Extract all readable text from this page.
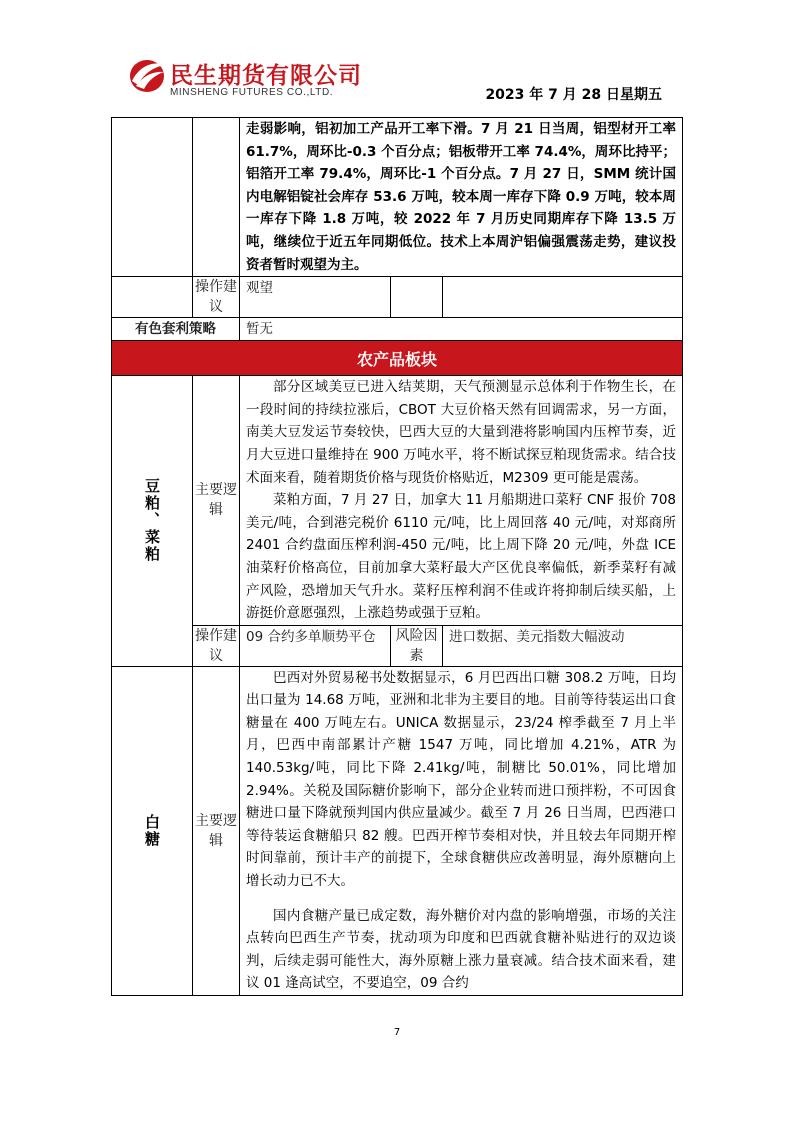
民生期货有限公司
MINSHENG FUTURES CO.,LTD.	2023 年 7 月 28 日星期五

		走弱影响，铝初加工产品开工率下滑。7 月 21 日当周，铝型材开工率 61.7%，周环比-0.3 个百分点；铝板带开工率 74.4%，周环比持平；铝箔开工率 79.4%，周环比-1 个百分点。7 月 27 日，SMM 统计国内电解铝锭社会库存 53.6 万吨，较本周一库存下降 0.9 万吨，较本周一库存下降 1.8 万吨，较 2022 年 7 月历史同期库存下降 13.5 万吨，继续位于近五年同期低位。技术上本周沪铝偏强震荡走势，建议投资者暂时观望为主。		

	操作建议	观望		
有色套利策略		暂无		
农产品板块				

豆粕、菜粕	主要逻辑	部分区域美豆已进入结荚期，天气预测显示总体利于作物生长，在一段时间的持续拉涨后，CBOT 大豆价格天然有回调需求，另一方面，南美大豆发运节奏较快，巴西大豆的大量到港将影响国内压榨节奏，近月大豆进口量维持在 900 万吨水平，将不断试探豆粕现货需求。结合技术面来看，随着期货价格与现货价格贴近，M2309 更可能是震荡。

菜粕方面，7 月 27 日，加拿大 11 月船期进口菜籽 CNF 报价 708 美元/吨，合到港完税价 6110 元/吨，比上周回落 40 元/吨，对郑商所 2401 合约盘面压榨利润-450 元/吨，比上周下降 20 元/吨，外盘 ICE 油菜籽价格高位，目前加拿大菜籽最大产区优良率偏低，新季菜籽有减产风险，恐增加天气升水。菜籽压榨利润不佳或许将抑制后续买船，上游挺价意愿强烈，上涨趋势或强于豆粕。		

	操作建议	09 合约多单顺势平仓	风险因素	进口数据、美元指数大幅波动

白糖	主要逻辑	巴西对外贸易秘书处数据显示，6 月巴西出口糖 308.2 万吨，日均出口量为 14.68 万吨，亚洲和北非为主要目的地。目前等待装运出口食糖量在 400 万吨左右。UNICA 数据显示，23/24 榨季截至 7 月上半月，巴西中南部累计产糖 1547 万吨，同比增加 4.21%，ATR 为 140.53kg/吨，同比下降 2.41kg/吨，制糖比 50.01%，同比增加 2.94%。关税及国际糖价影响下，部分企业转而进口预拌粉，不可因食糖进口量下降就预判国内供应量减少。截至 7 月 26 日当周，巴西港口等待装运食糖船只 82 艘。巴西开榨节奏相对快，并且较去年同期开榨时间靠前，预计丰产的前提下，全球食糖供应改善明显，海外原糖向上增长动力已不大。

国内食糖产量已成定数，海外糖价对内盘的影响增强，市场的关注点转向巴西生产节奏，扰动项为印度和巴西就食糖补贴进行的双边谈判，后续走弱可能性大，海外原糖上涨力量衰减。结合技术面来看，建议 01 逢高试空，不要追空，09 合约		

7
